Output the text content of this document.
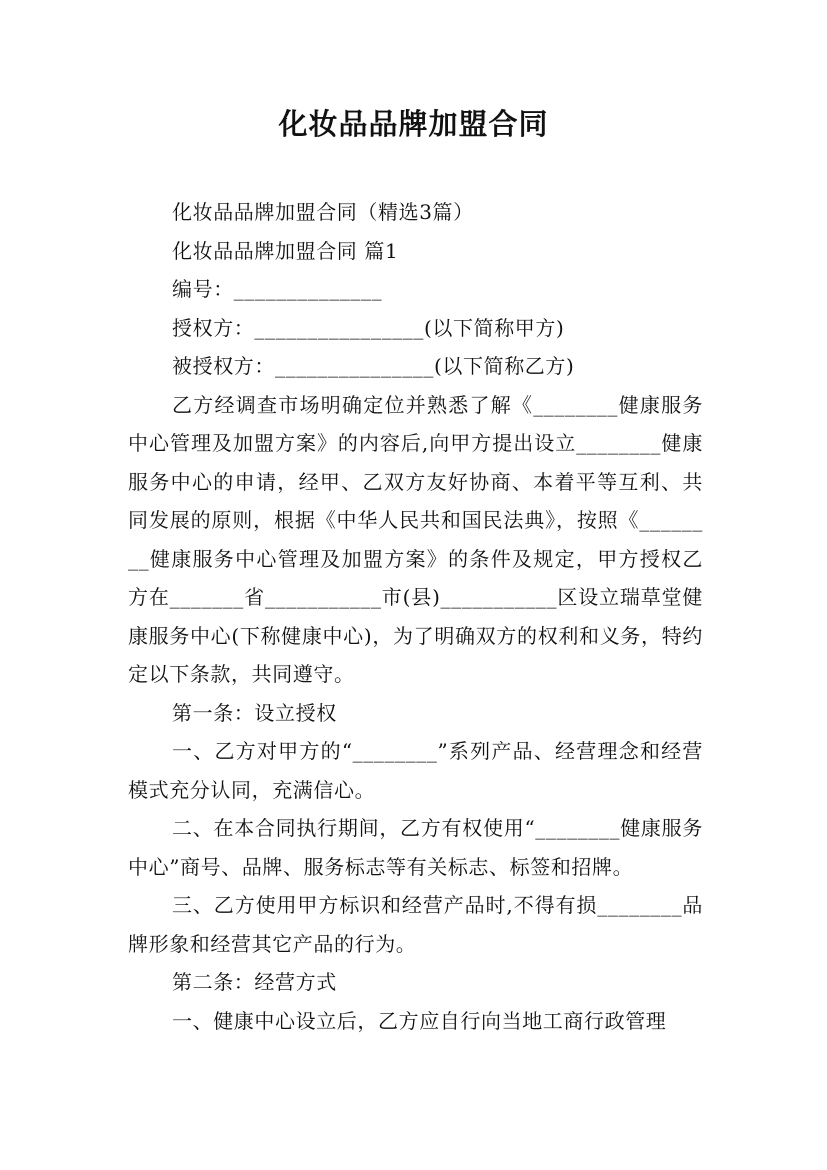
化妆品品牌加盟合同

化妆品品牌加盟合同（精选3篇）

化妆品品牌加盟合同 篇1

编号：______________

授权方：________________(以下简称甲方)

被授权方：_______________(以下简称乙方)

乙方经调查市场明确定位并熟悉了解《________健康服务中心管理及加盟方案》的内容后,向甲方提出设立________健康服务中心的申请，经甲、乙双方友好协商、本着平等互利、共同发展的原则，根据《中华人民共和国民法典》，按照《________健康服务中心管理及加盟方案》的条件及规定，甲方授权乙方在_______省___________市(县)___________区设立瑞草堂健康服务中心(下称健康中心)，为了明确双方的权利和义务，特约定以下条款，共同遵守。

第一条：设立授权

一、乙方对甲方的“________”系列产品、经营理念和经营模式充分认同，充满信心。

二、在本合同执行期间，乙方有权使用“________健康服务中心”商号、品牌、服务标志等有关标志、标签和招牌。

三、乙方使用甲方标识和经营产品时,不得有损________品牌形象和经营其它产品的行为。

第二条：经营方式

一、健康中心设立后，乙方应自行向当地工商行政管理
